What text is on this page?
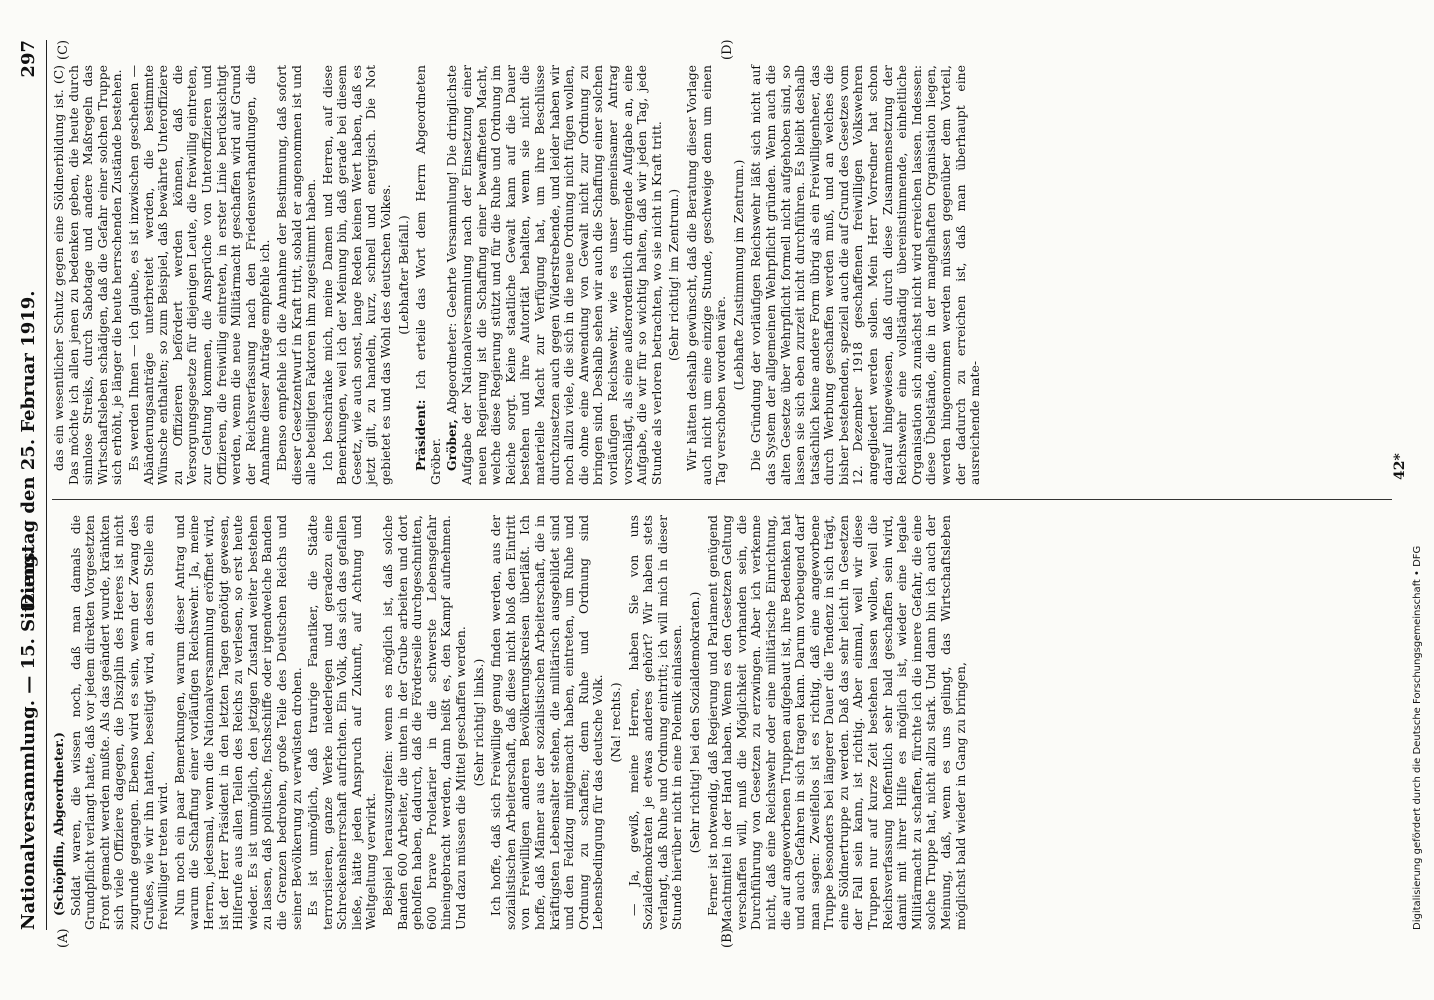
Nationalversammlung. — 15. Sitzung.
Dienstag den 25. Februar 1919.
297
(A)	(B)
(C)	(D)

(Schöpflin, Abgeordneter.) Soldat waren, die wissen noch, daß man damals die Grundpflicht verlangt hatte, daß vor jedem direkten Vorgesetzten Front gemacht werden mußte. Als das geändert wurde, kränkten sich viele Offiziere dagegen, die Disziplin des Heeres ist nicht zugrunde gegangen. Ebenso wird es sein, wenn der Zwang des Grußes, wie wir ihn hatten, beseitigt wird, an dessen Stelle ein freiwilliger treten wird. Nun noch ein paar Bemerkungen, warum dieser Antrag und warum die Schaffung einer vorläufigen Reichswehr. Ja, meine Herren, jedesmal, wenn die Nationalversammlung eröffnet wird, ist der Herr Präsident in den letzten Tagen genötigt gewesen, Hilferufe aus allen Teilen des Reichs zu verlesen, so erst heute wieder. Es ist unmöglich, den jetzigen Zustand weiter bestehen zu lassen, daß politische, fischschiffe oder irgendwelche Banden die Grenzen bedrohen, große Teile des Deutschen Reichs und seiner Bevölkerung zu verwüsten drohen. Es ist unmöglich, daß traurige Fanatiker, die Städte terrorisieren, ganze Werke niederlegen und geradezu eine Schreckensherrschaft aufrichten. Ein Volk, das sich das gefallen ließe, hätte jeden Anspruch auf Zukunft, auf Achtung und Weltgeltung verwirkt. Beispiel herauszugreifen: wenn es möglich ist, daß solche Banden 600 Arbeiter, die unten in der Grube arbeiten und dort geholfen haben, dadurch, daß die Förderseile durchgeschnitten, 600 brave Proletarier in die schwerste Lebensgefahr hineingebracht werden, dann heißt es, den Kampf aufnehmen. Und dazu müssen die Mittel geschaffen werden. (Sehr richtig! links.) Ich hoffe, daß sich Freiwillige genug finden werden, aus der sozialistischen Arbeiterschaft, daß diese nicht bloß den Eintritt von Freiwilligen anderen Bevölkerungskreisen überläßt. Ich hoffe, daß Männer aus der sozialistischen Arbeiterschaft, die in kräftigsten Lebensalter stehen, die militärisch ausgebildet sind und den Feldzug mitgemacht haben, eintreten, um Ruhe und Ordnung zu schaffen; denn Ruhe und Ordnung sind Lebensbedingung für das deutsche Volk. (Na! rechts.) — Ja, gewiß, meine Herren, haben Sie von uns Sozialdemokraten je etwas anderes gehört? Wir haben stets verlangt, daß Ruhe und Ordnung eintritt; ich will mich in dieser Stunde hierüber nicht in eine Polemik einlassen. (Sehr richtig! bei den Sozialdemokraten.) Ferner ist notwendig, daß Regierung und Parlament genügend Machtmittel in der Hand haben. Wenn es den Gesetzen Geltung verschaffen will, muß die Möglichkeit vorhanden sein, die Durchführung von Gesetzen zu erzwingen. Aber ich verkenne nicht, daß eine Reichswehr oder eine militärische Einrichtung, die auf angeworbenen Truppen aufgebaut ist, ihre Bedenken hat und auch Gefahren in sich tragen kann. Darum vorbeugend darf man sagen: Zweifellos ist es richtig, daß eine angeworbene Truppe besonders bei längerer Dauer die Tendenz in sich trägt, eine Söldnertruppe zu werden. Daß das sehr leicht in Gesetzen der Fall sein kann, ist richtig. Aber einmal, weil wir diese Truppen nur auf kurze Zeit bestehen lassen wollen, weil die Reichsverfassung hoffentlich sehr bald geschaffen sein wird, damit mit ihrer Hilfe es möglich ist, wieder eine legale Militärmacht zu schaffen, fürchte ich die innere Gefahr, die eine solche Truppe hat, nicht allzu stark. Und dann bin ich auch der Meinung, daß, wenn es uns gelingt, das Wirtschaftsleben möglichst bald wieder in Gang zu bringen,

das ein wesentlicher Schutz gegen eine Söldnerbildung ist. (C) Das möchte ich allen jenen zu bedenken geben, die heute durch sinnlose Streiks, durch Sabotage und andere Maßregeln das Wirtschaftsleben schädigen, daß die Gefahr einer solchen Truppe sich erhöht, je länger die heute herrschenden Zustände bestehen. Es werden Ihnen — ich glaube, es ist inzwischen geschehen — Abänderungsanträge unterbreitet werden, die bestimmte Wünsche enthalten; so zum Beispiel, daß bewährte Unteroffiziere zu Offizieren befördert werden können, daß die Versorgungsgesetze für diejenigen Leute, die freiwillig eintreten, zur Geltung kommen, die Ansprüche von Unteroffizieren und Offizieren, die freiwillig eintreten, in erster Linie berücksichtigt werden, wenn die neue Militärmacht geschaffen wird auf Grund der Reichsverfassung nach den Friedensverhandlungen, die Annahme dieser Anträge empfehle ich. Ebenso empfehle ich die Annahme der Bestimmung, daß sofort dieser Gesetzentwurf in Kraft tritt, sobald er angenommen ist und alle beteiligten Faktoren ihm zugestimmt haben. Ich beschränke mich, meine Damen und Herren, auf diese Bemerkungen, weil ich der Meinung bin, daß gerade bei diesem Gesetz, wie auch sonst, lange Reden keinen Wert haben, daß es jetzt gilt, zu handeln, kurz, schnell und energisch. Die Not gebietet es und das Wohl des deutschen Volkes. (Lebhafter Beifall.)

Präsident: Ich erteile das Wort dem Herrn Abgeordneten Gröber. Gröber, Abgeordneter: Geehrte Versammlung! Die dringlichste Aufgabe der Nationalversammlung nach der Einsetzung einer neuen Regierung ist die Schaffung einer bewaffneten Macht, welche diese Regierung stützt und für die Ruhe und Ordnung im Reiche sorgt. Keine staatliche Gewalt kann auf die Dauer bestehen und ihre Autorität behalten, wenn sie nicht die materielle Macht zur Verfügung hat, um ihre Beschlüsse durchzusetzen auch gegen Widerstrebende, und leider haben wir noch allzu viele, die sich in die neue Ordnung nicht fügen wollen, die ohne eine Anwendung von Gewalt nicht zur Ordnung zu bringen sind. Deshalb sehen wir auch die Schaffung einer solchen vorläufigen Reichswehr, wie es unser gemeinsamer Antrag vorschlägt, als eine außerordentlich dringende Aufgabe an, eine Aufgabe, die wir für so wichtig halten, daß wir jeden Tag, jede Stunde als verloren betrachten, wo sie nicht in Kraft tritt. (Sehr richtig! im Zentrum.) Wir hätten deshalb gewünscht, daß die Beratung dieser Vorlage auch nicht um eine einzige Stunde, geschweige denn um einen Tag verschoben worden wäre.

(Lebhafte Zustimmung im Zentrum.) Die Gründung der vorläufigen Reichswehr läßt sich nicht auf das System der allgemeinen Wehrpflicht gründen. Wenn auch die alten Gesetze über Wehrpflicht formell nicht aufgehoben sind, so lassen sie sich eben zurzeit nicht durchführen. Es bleibt deshalb tatsächlich keine andere Form übrig als ein Freiwilligenheer, das durch Werbung geschaffen werden muß, und an welches die bisher bestehenden, speziell auch die auf Grund des Gesetzes vom 12. Dezember 1918 geschaffenen freiwilligen Volkswehren angegliedert werden sollen. Mein Herr Vorredner hat schon darauf hingewiesen, daß durch diese Zusammensetzung der Reichswehr eine vollständig übereinstimmende, einheitliche Organisation sich zunächst nicht wird erreichen lassen. Indessen: diese Übelstände, die in der mangelhaften Organisation liegen, werden hingenommen werden müssen gegenüber dem Vorteil, der dadurch zu erreichen ist, daß man überhaupt eine ausreichende mate-	42*
Digitalisierung gefördert durch die Deutsche Forschungsgemeinschaft • DFG
